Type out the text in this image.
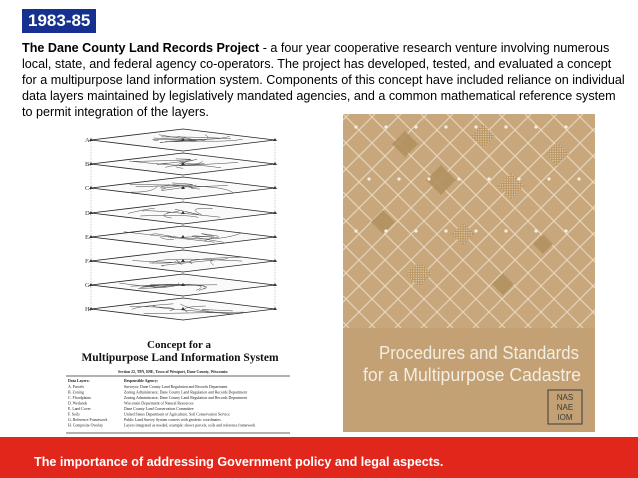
1983-85
The Dane County Land Records Project - a four year cooperative research venture involving numerous local, state, and federal agency co-operators. The project has developed, tested, and evaluated a concept for a multipurpose land information system. Components of this concept have included reliance on individual data layers maintained by legislatively mandated agencies, and a common mathematical reference system to permit integration of the layers.
A.
B.
C.
D.
E.
F.
G.
H.
Concept for a
Multipurpose Land Information System
Section 22, T8N, R9E, Town of Westport, Dane County, Wisconsin
Data Layers:	Responsible Agency:
A. Parcels	Surveyor, Dane County Land Regulation and Records Department
B. Zoning	Zoning Administrator, Dane County Land Regulation and Records Department
C. Floodplains	Zoning Administrator, Dane County Land Regulation and Records Department
D. Wetlands	Wisconsin Department of Natural Resources
E. Land Cover	Dane County Land Conservation Committee
F. Soils	United States Department of Agriculture, Soil Conservation Service
G. Reference Framework	Public Land Survey System corners with geodetic coordinates
H. Composite Overlay	Layers integrated as needed, example: shows parcels, soils and reference framework
Procedures and Standards
for a Multipurpose Cadastre
NAS
NAE
IOM
The importance of addressing Government policy and legal aspects.
